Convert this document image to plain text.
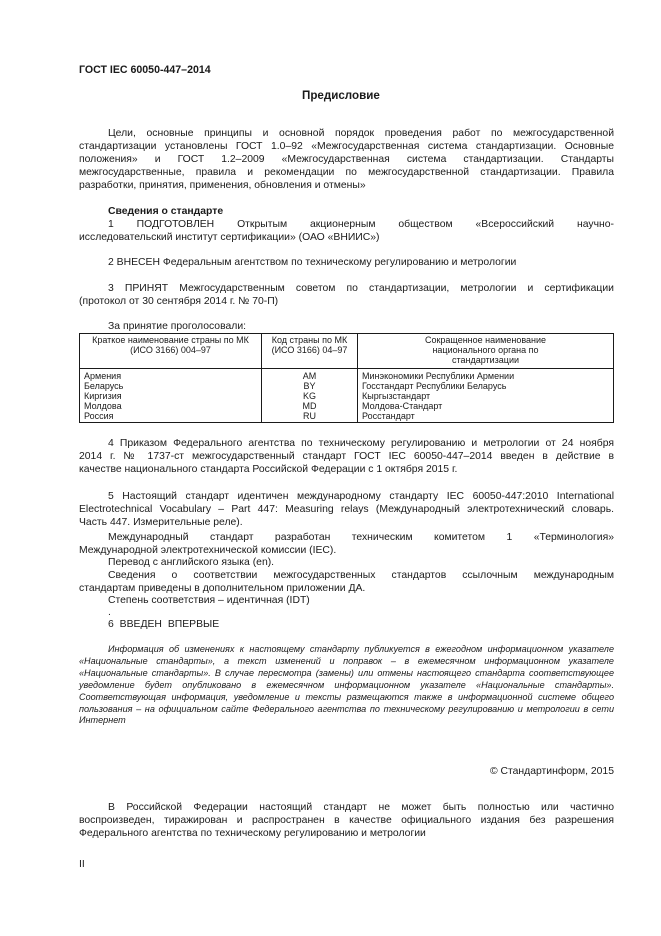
ГОСТ IEC 60050-447–2014
Предисловие
Цели, основные принципы и основной порядок проведения работ по межгосударственной
стандартизации установлены ГОСТ 1.0–92 «Межгосударственная система стандартизации. Основные
положения» и ГОСТ 1.2–2009 «Межгосударственная система стандартизации. Стандарты
межгосударственные, правила и рекомендации по межгосударственной стандартизации. Правила
разработки, принятия, применения, обновления и отмены»
Сведения о стандарте
1 ПОДГОТОВЛЕН Открытым акционерным обществом «Всероссийский научно-
исследовательский институт сертификации» (ОАО «ВНИИС»)
2 ВНЕСЕН Федеральным агентством по техническому регулированию и метрологии
3 ПРИНЯТ Межгосударственным советом по стандартизации, метрологии и сертификации
(протокол от 30 сентября 2014 г. № 70-П)
За принятие проголосовали:
Краткое наименование страны по МК (ИСО 3166) 004–97	Код страны по МК (ИСО 3166) 04–97	Сокращенное наименование национального органа по стандартизации
Армения	AM	Минэкономики Республики Армении
Беларусь	BY	Госстандарт Республики Беларусь
Киргизия	KG	Кыргызстандарт
Молдова	MD	Молдова-Стандарт
Россия	RU	Росстандарт
4 Приказом Федерального агентства по техническому регулированию и метрологии от 24 ноября
2014 г. № 1737-ст межгосударственный стандарт ГОСТ IEC 60050-447–2014 введен в действие в
качестве национального стандарта Российской Федерации с 1 октября 2015 г.
5 Настоящий стандарт идентичен международному стандарту IEC 60050-447:2010 International
Electrotechnical Vocabulary – Part 447: Measuring relays (Международный электротехнический словарь.
Часть 447. Измерительные реле).
Международный стандарт разработан техническим комитетом 1 «Терминология»
Международной электротехнической комиссии (IEC).
Перевод с английского языка (en).
Сведения о соответствии межгосударственных стандартов ссылочным международным
стандартам приведены в дополнительном приложении ДА.
Степень соответствия – идентичная (IDT)
.
6 ВВЕДЕН ВПЕРВЫЕ
Информация об изменениях к настоящему стандарту публикуется в ежегодном информационном указателе «Национальные стандарты», а текст изменений и поправок – в ежемесячном информационном указателе «Национальные стандарты». В случае пересмотра (замены) или отмены настоящего стандарта соответствующее уведомление будет опубликовано в ежемесячном информационном указателе «Национальные стандарты». Соответствующая информация, уведомление и тексты размещаются также в информационной системе общего пользования – на официальном сайте Федерального агентства по техническому регулированию и метрологии в сети Интернет
© Стандартинформ, 2015
В Российской Федерации настоящий стандарт не может быть полностью или частично
воспроизведен, тиражирован и распространен в качестве официального издания без разрешения
Федерального агентства по техническому регулированию и метрологии
II
